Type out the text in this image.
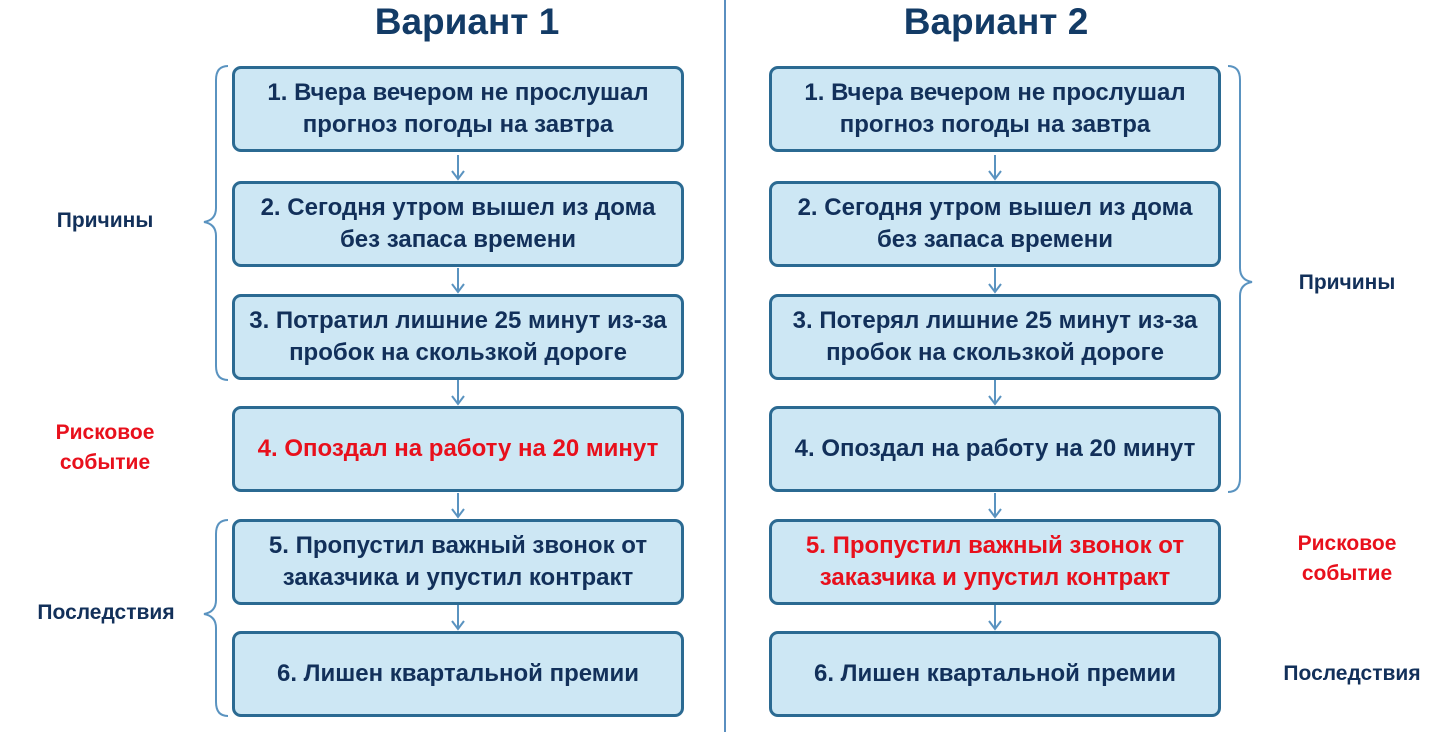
Вариант 1	Вариант 2
1. Вчера вечером не прослушал прогноз погоды на завтра
2. Сегодня утром вышел из дома без запаса времени
3. Потратил лишние 25 минут из-за пробок на скользкой дороге
4. Опоздал на работу на 20 минут
5. Пропустил важный звонок от заказчика и упустил контракт
6. Лишен квартальной премии
1. Вчера вечером не прослушал прогноз погоды на завтра
2. Сегодня утром вышел из дома без запаса времени
3. Потерял лишние 25 минут из-за пробок на скользкой дороге
4. Опоздал на работу на 20 минут
5. Пропустил важный звонок от заказчика и упустил контракт
6. Лишен квартальной премии
Причины
Рисковое
событие
Последствия
Причины
Рисковое
событие
Последствия
